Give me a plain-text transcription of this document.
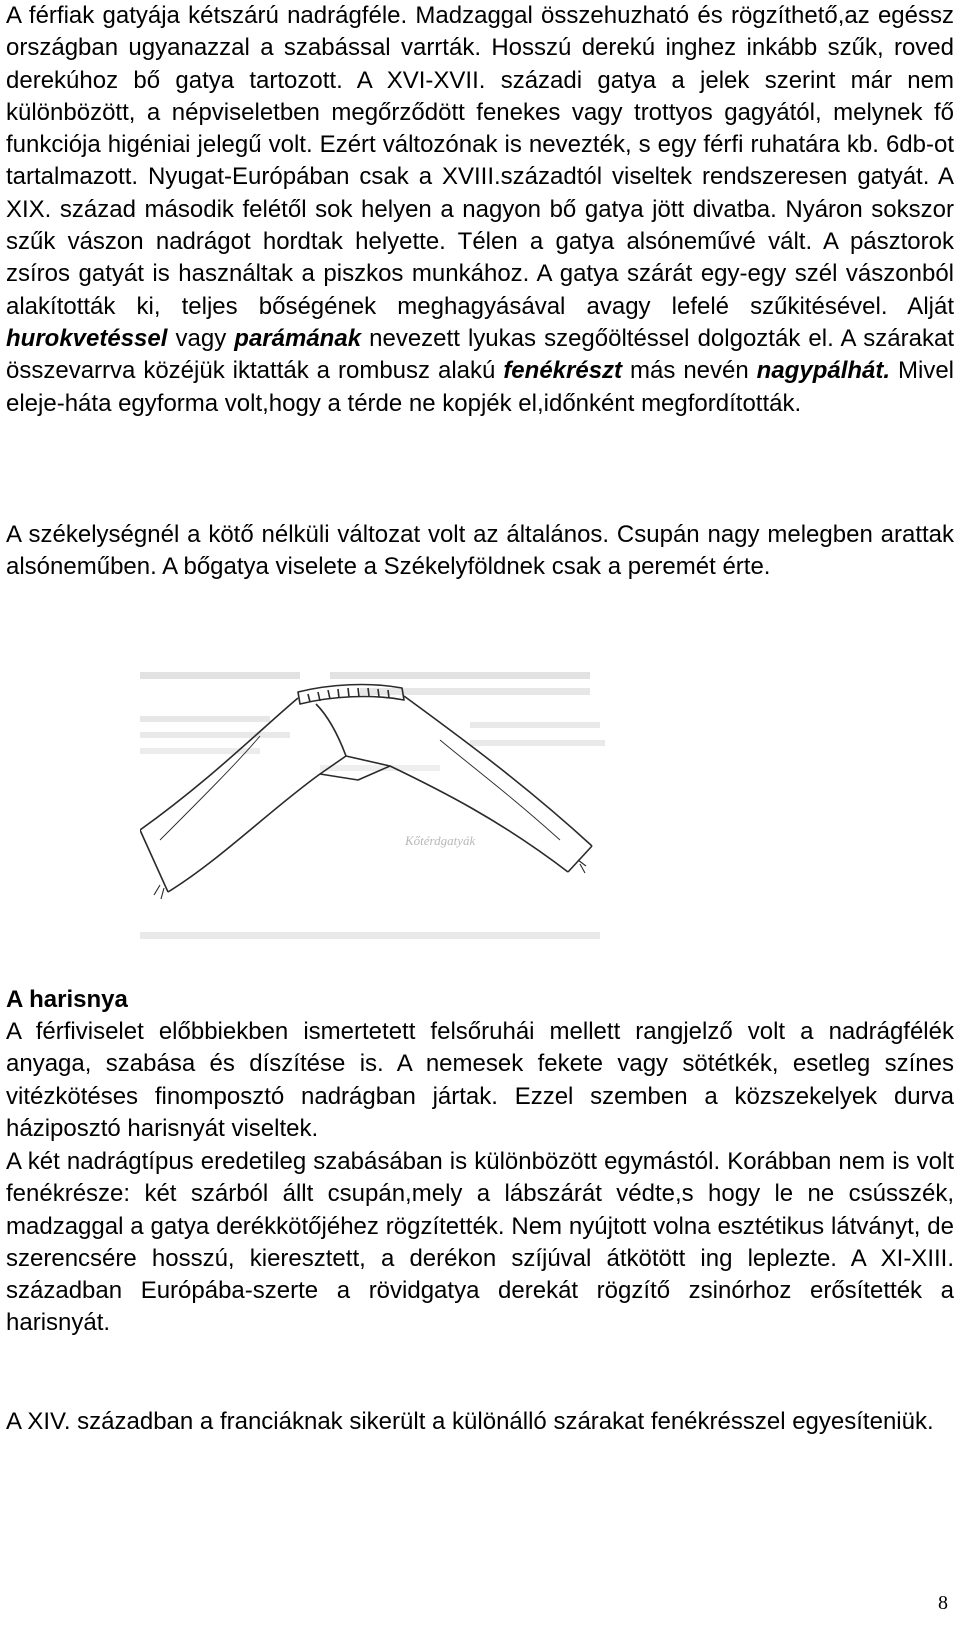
A férfiak gatyája kétszárú nadrágféle. Madzaggal összehuzható és rögzíthető,az egéssz országban ugyanazzal a szabással varrták. Hosszú derekú inghez inkább szűk, roved derekúhoz bő gatya tartozott. A XVI-XVII. századi gatya a jelek szerint már nem különbözött, a népviseletben megőrződött fenekes vagy trottyos gagyától, melynek fő funkciója higéniai jelegű volt. Ezért változónak is nevezték, s egy férfi ruhatára kb. 6db-ot tartalmazott. Nyugat-Európában csak a XVIII.századtól viseltek rendszeresen gatyát. A XIX. század második felétől sok helyen a nagyon bő gatya jött divatba. Nyáron sokszor szűk vászon nadrágot hordtak helyette. Télen a gatya alsóneművé vált. A pásztorok zsíros gatyát is használtak a piszkos munkához. A gatya szárát egy-egy szél vászonból alakították ki, teljes bőségének meghagyásával avagy lefelé szűkitésével. Alját hurokvetéssel vagy parámának nevezett lyukas szegőöltéssel dolgozták el. A szárakat összevarrva közéjük iktatták a rombusz alakú fenékrészt más nevén nagypálhát. Mivel eleje-háta egyforma volt,hogy a térde ne kopjék el,időnként megfordították.

A székelységnél a kötő nélküli változat volt az általános. Csupán nagy melegben arattak alsóneműben. A bőgatya viselete a Székelyföldnek csak a peremét érte.

Kőtérdgatyák
A harisnya

A férfiviselet előbbiekben ismertetett felsőruhái mellett rangjelző volt a nadrágfélék anyaga, szabása és díszítése is. A nemesek fekete vagy sötétkék, esetleg színes vitézkötéses finomposztó nadrágban jártak. Ezzel szemben a közszekelyek durva háziposztó harisnyát viseltek.

A két nadrágtípus eredetileg szabásában is különbözött egymástól. Korábban nem is volt fenékrésze: két szárból állt csupán,mely a lábszárát védte,s hogy le ne csússzék, madzaggal a gatya derékkötőjéhez rögzítették. Nem nyújtott volna esztétikus látványt, de szerencsére hosszú, kieresztett, a derékon szíjúval átkötött ing leplezte. A XI-XIII. században Európába-szerte a rövidgatya derekát rögzítő zsinórhoz erősítették a harisnyát.

A XIV. században a franciáknak sikerült a különálló szárakat fenékrésszel egyesíteniük.

8
